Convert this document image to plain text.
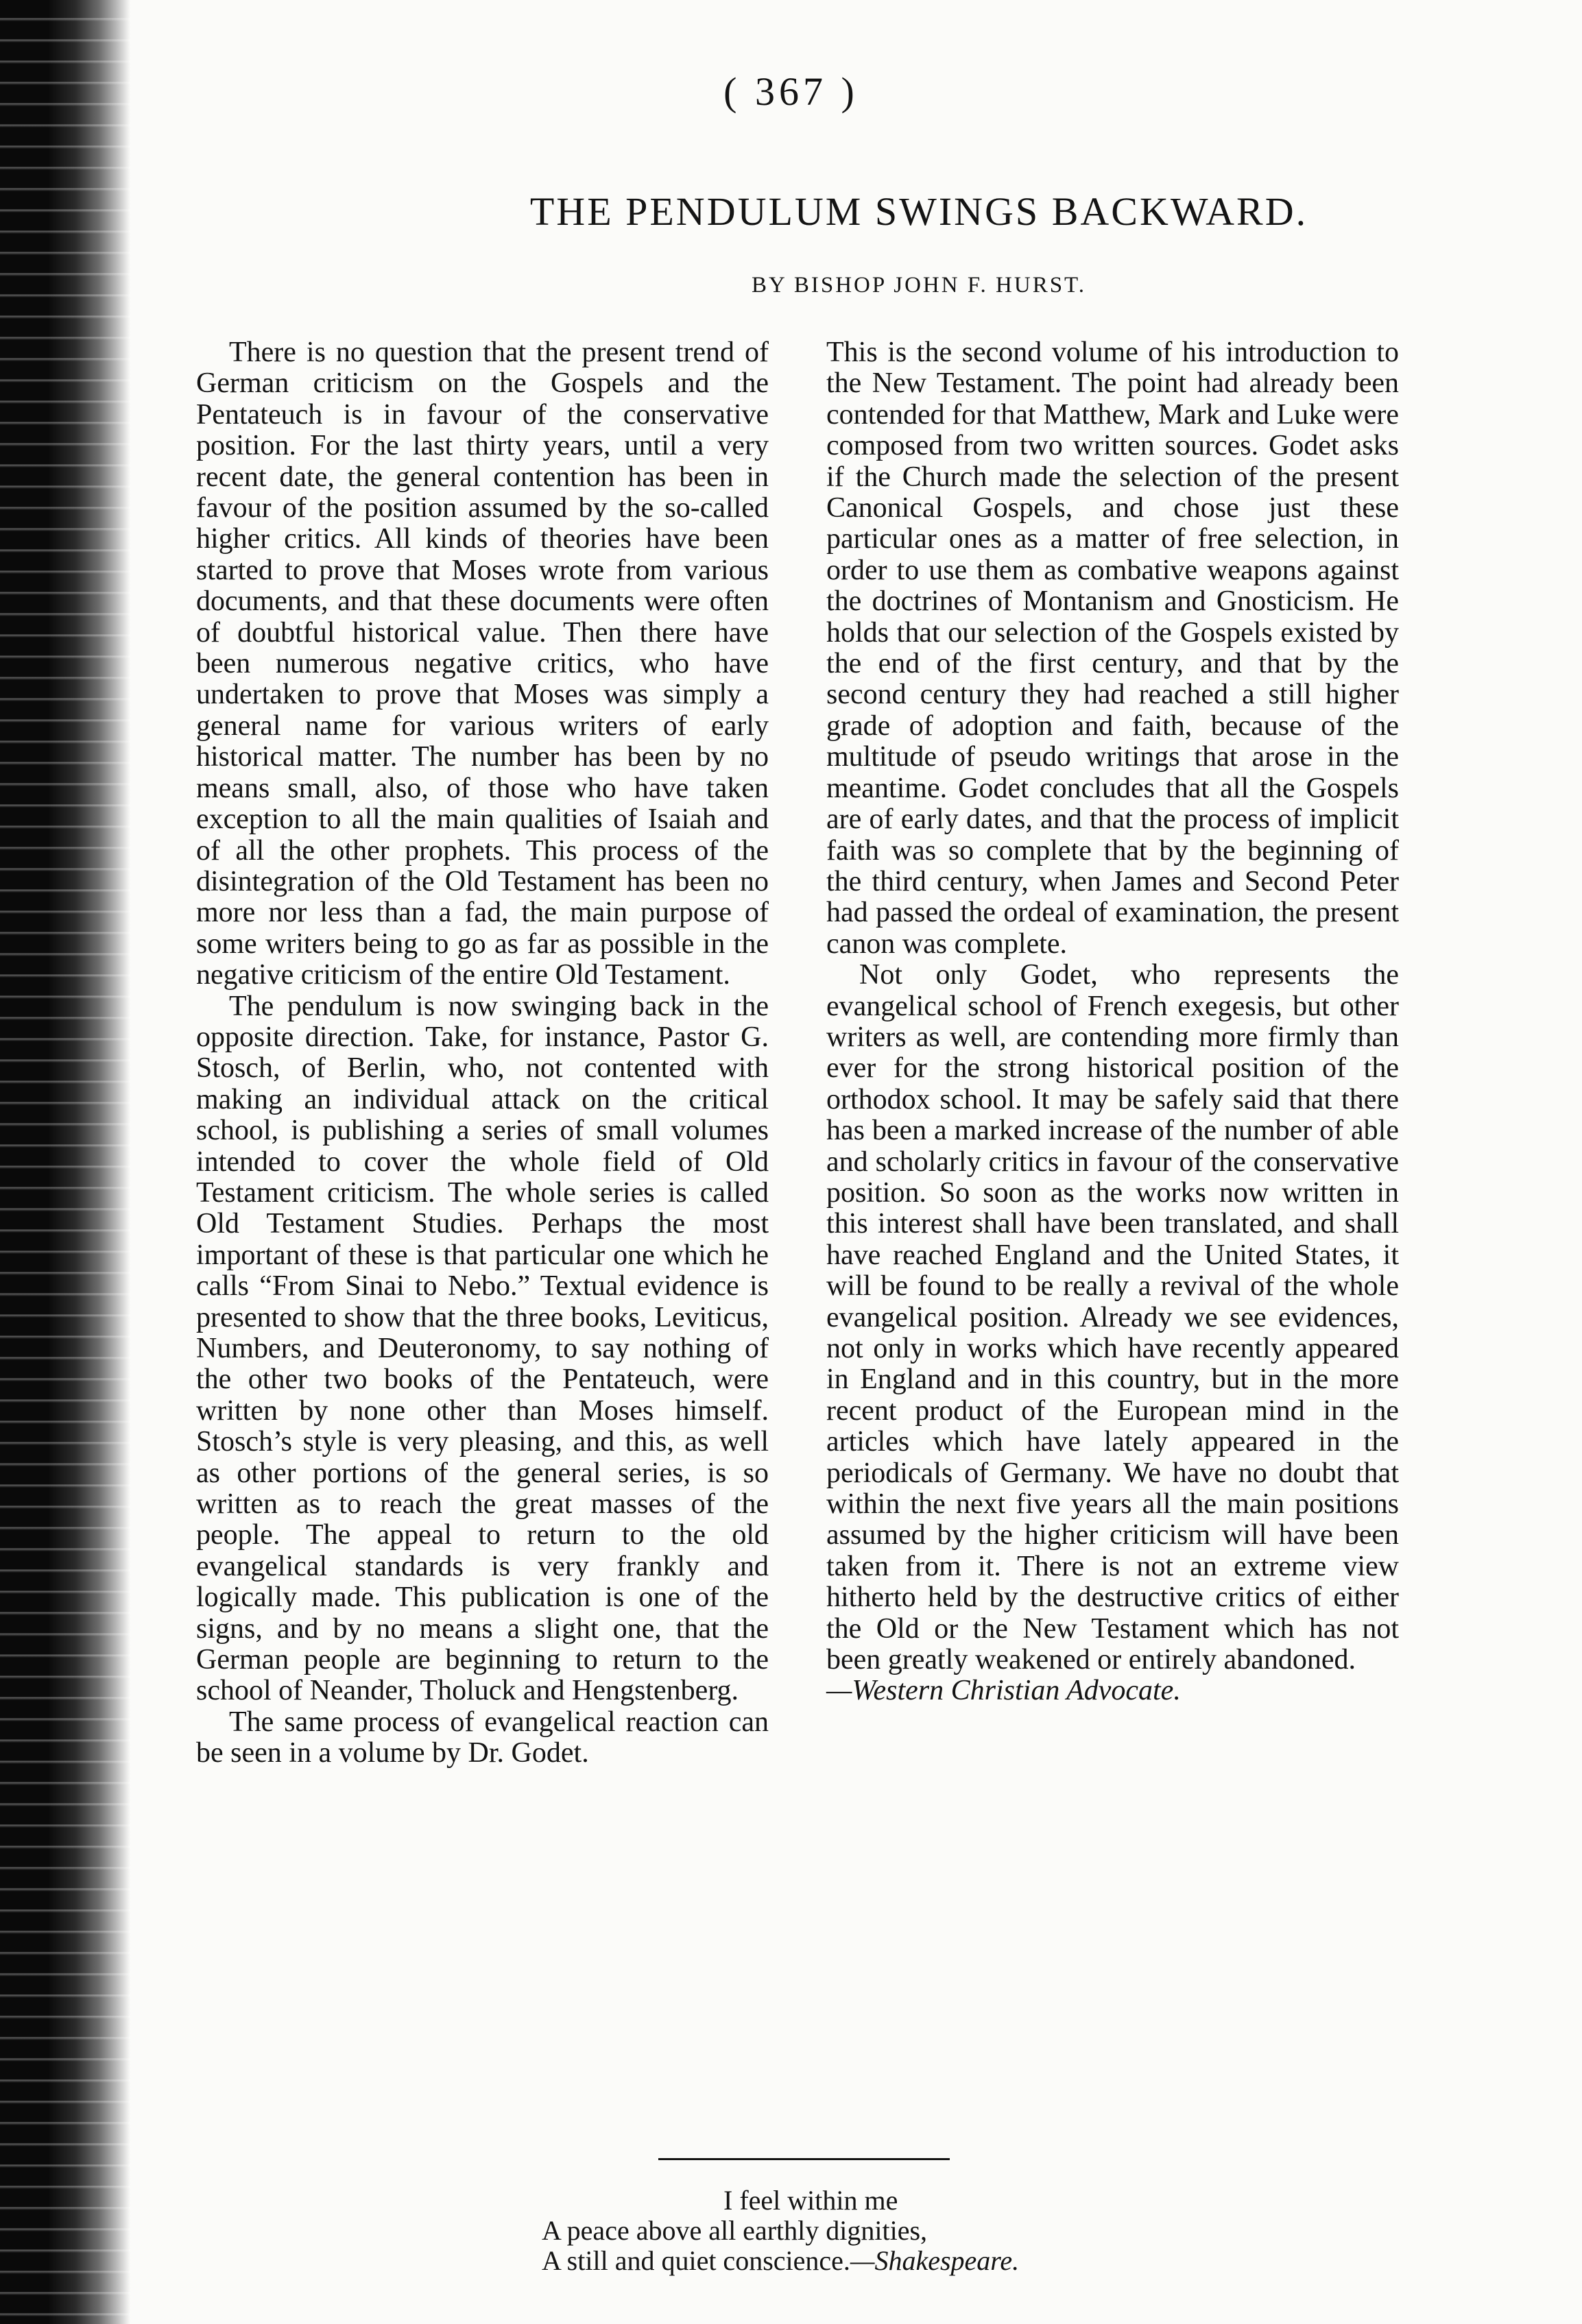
( 367 )
THE PENDULUM SWINGS BACKWARD.
BY BISHOP JOHN F. HURST.

There is no question that the present trend of German criticism on the Gospels and the Pentateuch is in favour of the conservative position. For the last thirty years, until a very recent date, the general contention has been in favour of the position assumed by the so-called higher critics. All kinds of theories have been started to prove that Moses wrote from various documents, and that these documents were often of doubtful historical value. Then there have been numerous negative critics, who have undertaken to prove that Moses was simply a general name for various writers of early historical matter. The number has been by no means small, also, of those who have taken exception to all the main qualities of Isaiah and of all the other prophets. This process of the disintegration of the Old Testament has been no more nor less than a fad, the main purpose of some writers being to go as far as possible in the negative criticism of the entire Old Testament.

The pendulum is now swinging back in the opposite direction. Take, for instance, Pastor G. Stosch, of Berlin, who, not contented with making an individual attack on the critical school, is publishing a series of small volumes intended to cover the whole field of Old Testament criticism. The whole series is called Old Testament Studies. Perhaps the most important of these is that particular one which he calls “From Sinai to Nebo.” Textual evidence is presented to show that the three books, Leviticus, Numbers, and Deuteronomy, to say nothing of the other two books of the Pentateuch, were written by none other than Moses himself. Stosch’s style is very pleasing, and this, as well as other portions of the general series, is so written as to reach the great masses of the people. The appeal to return to the old evangelical standards is very frankly and logically made. This publication is one of the signs, and by no means a slight one, that the German people are beginning to return to the school of Neander, Tholuck and Hengstenberg.

The same process of evangelical reaction can be seen in a volume by Dr. Godet.

This is the second volume of his introduction to the New Testament. The point had already been contended for that Matthew, Mark and Luke were composed from two written sources. Godet asks if the Church made the selection of the present Canonical Gospels, and chose just these particular ones as a matter of free selection, in order to use them as combative weapons against the doctrines of Montanism and Gnosticism. He holds that our selection of the Gospels existed by the end of the first century, and that by the second century they had reached a still higher grade of adoption and faith, because of the multitude of pseudo writings that arose in the meantime. Godet concludes that all the Gospels are of early dates, and that the process of implicit faith was so complete that by the beginning of the third century, when James and Second Peter had passed the ordeal of examination, the present canon was complete.

Not only Godet, who represents the evangelical school of French exegesis, but other writers as well, are contending more firmly than ever for the strong historical position of the orthodox school. It may be safely said that there has been a marked increase of the number of able and scholarly critics in favour of the conservative position. So soon as the works now written in this interest shall have been translated, and shall have reached England and the United States, it will be found to be really a revival of the whole evangelical position. Already we see evidences, not only in works which have recently appeared in England and in this country, but in the more recent product of the European mind in the articles which have lately appeared in the periodicals of Germany. We have no doubt that within the next five years all the main positions assumed by the higher criticism will have been taken from it. There is not an extreme view hitherto held by the destructive critics of either the Old or the New Testament which has not been greatly weakened or entirely abandoned.
—Western Christian Advocate.

I feel within me
A peace above all earthly dignities,
A still and quiet conscience.—Shakespeare.
